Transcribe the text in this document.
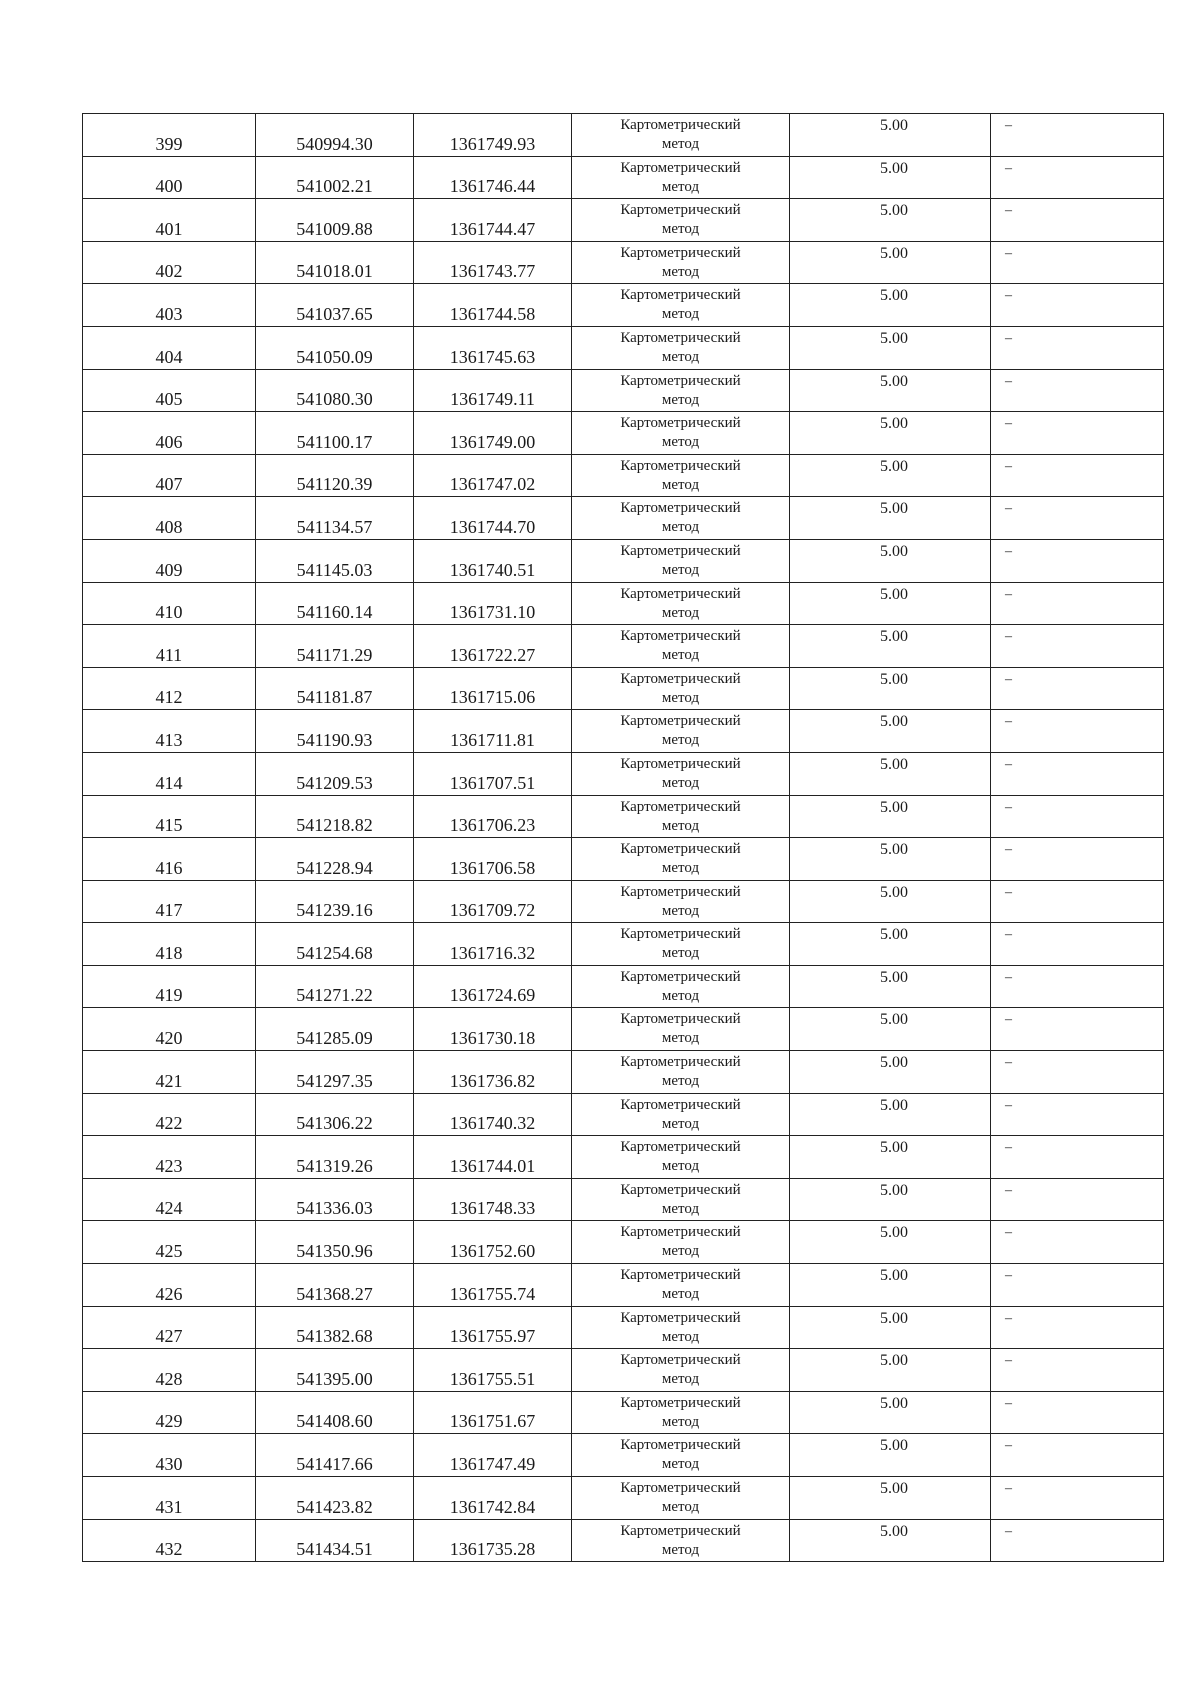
399	540994.30	1361749.93	Картометрический
метод	5.00	–

400	541002.21	1361746.44	Картометрический
метод	5.00	–

401	541009.88	1361744.47	Картометрический
метод	5.00	–

402	541018.01	1361743.77	Картометрический
метод	5.00	–

403	541037.65	1361744.58	Картометрический
метод	5.00	–

404	541050.09	1361745.63	Картометрический
метод	5.00	–

405	541080.30	1361749.11	Картометрический
метод	5.00	–

406	541100.17	1361749.00	Картометрический
метод	5.00	–

407	541120.39	1361747.02	Картометрический
метод	5.00	–

408	541134.57	1361744.70	Картометрический
метод	5.00	–

409	541145.03	1361740.51	Картометрический
метод	5.00	–

410	541160.14	1361731.10	Картометрический
метод	5.00	–

411	541171.29	1361722.27	Картометрический
метод	5.00	–

412	541181.87	1361715.06	Картометрический
метод	5.00	–

413	541190.93	1361711.81	Картометрический
метод	5.00	–

414	541209.53	1361707.51	Картометрический
метод	5.00	–

415	541218.82	1361706.23	Картометрический
метод	5.00	–

416	541228.94	1361706.58	Картометрический
метод	5.00	–

417	541239.16	1361709.72	Картометрический
метод	5.00	–

418	541254.68	1361716.32	Картометрический
метод	5.00	–

419	541271.22	1361724.69	Картометрический
метод	5.00	–

420	541285.09	1361730.18	Картометрический
метод	5.00	–

421	541297.35	1361736.82	Картометрический
метод	5.00	–

422	541306.22	1361740.32	Картометрический
метод	5.00	–

423	541319.26	1361744.01	Картометрический
метод	5.00	–

424	541336.03	1361748.33	Картометрический
метод	5.00	–

425	541350.96	1361752.60	Картометрический
метод	5.00	–

426	541368.27	1361755.74	Картометрический
метод	5.00	–

427	541382.68	1361755.97	Картометрический
метод	5.00	–

428	541395.00	1361755.51	Картометрический
метод	5.00	–

429	541408.60	1361751.67	Картометрический
метод	5.00	–

430	541417.66	1361747.49	Картометрический
метод	5.00	–

431	541423.82	1361742.84	Картометрический
метод	5.00	–

432	541434.51	1361735.28	Картометрический
метод	5.00	–
